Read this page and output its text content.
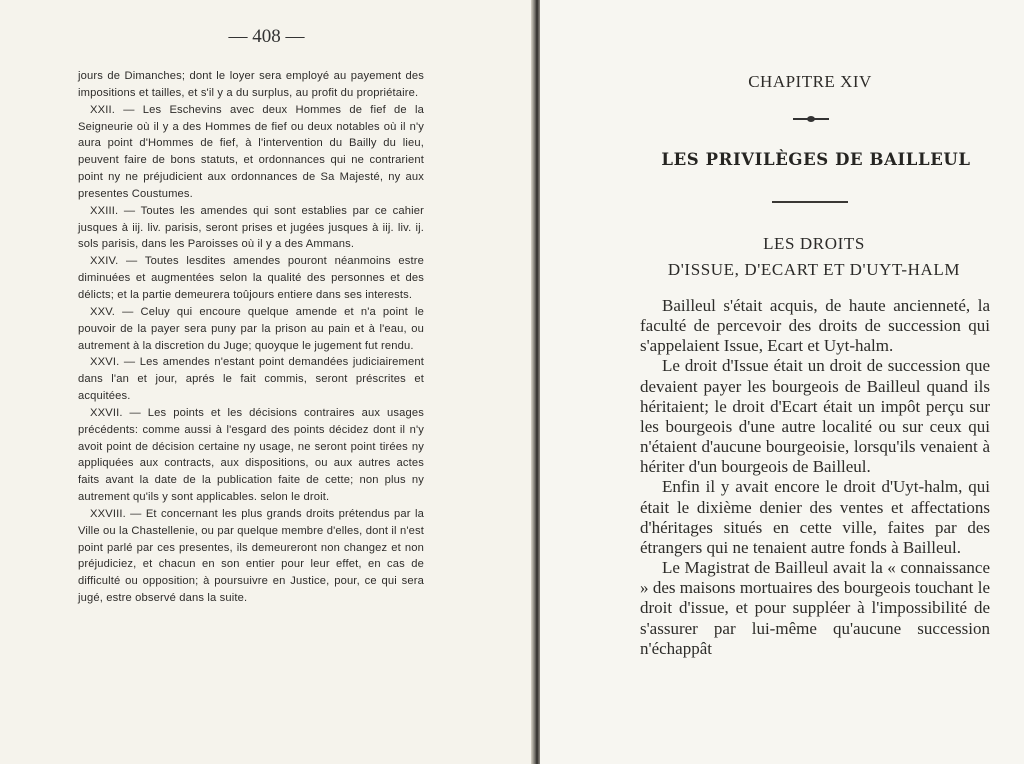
— 408 —

jours de Dimanches; dont le loyer sera employé au payement des impositions et tailles, et s'il y a du surplus, au profit du propriétaire.

XXII. — Les Eschevins avec deux Hommes de fief de la Seigneurie où il y a des Hommes de fief ou deux notables où il n'y aura point d'Hommes de fief, à l'intervention du Bailly du lieu, peuvent faire de bons statuts, et ordonnances qui ne contrarient point ny ne préjudicient aux ordonnances de Sa Majesté, ny aux presentes Coustumes.

XXIII. — Toutes les amendes qui sont establies par ce cahier jusques à iij. liv. parisis, seront prises et jugées jusques à iij. liv. ij. sols parisis, dans les Paroisses où il y a des Ammans.

XXIV. — Toutes lesdites amendes pouront néanmoins estre diminuées et augmentées selon la qualité des personnes et des délicts; et la partie demeurera toûjours entiere dans ses interests.

XXV. — Celuy qui encoure quelque amende et n'a point le pouvoir de la payer sera puny par la prison au pain et à l'eau, ou autrement à la discretion du Juge; quoyque le jugement fut rendu.

XXVI. — Les amendes n'estant point demandées judiciairement dans l'an et jour, aprés le fait commis, seront préscrites et acquitées.

XXVII. — Les points et les décisions contraires aux usages précédents: comme aussi à l'esgard des points décidez dont il n'y avoit point de décision certaine ny usage, ne seront point tirées ny appliquées aux contracts, aux dispositions, ou aux autres actes faits avant la date de la publication faite de cette; non plus ny autrement qu'ils y sont applicables. selon le droit.

XXVIII. — Et concernant les plus grands droits prétendus par la Ville ou la Chastellenie, ou par quelque membre d'elles, dont il n'est point parlé par ces presentes, ils demeureront non changez et non préjudiciez, et chacun en son entier pour leur effet, en cas de difficulté ou opposition; à poursuivre en Justice, pour, ce qui sera jugé, estre observé dans la suite.

CHAPITRE XIV
LES PRIVILÈGES DE BAILLEUL
LES DROITS
D'ISSUE, D'ECART ET D'UYT-HALM

Bailleul s'était acquis, de haute ancienneté, la faculté de percevoir des droits de succession qui s'appelaient Issue, Ecart et Uyt-halm.

Le droit d'Issue était un droit de succession que devaient payer les bourgeois de Bailleul quand ils héritaient; le droit d'Ecart était un impôt perçu sur les bourgeois d'une autre localité ou sur ceux qui n'étaient d'aucune bourgeoisie, lorsqu'ils venaient à hériter d'un bourgeois de Bailleul.

Enfin il y avait encore le droit d'Uyt-halm, qui était le dixième denier des ventes et affectations d'héritages situés en cette ville, faites par des étrangers qui ne tenaient autre fonds à Bailleul.

Le Magistrat de Bailleul avait la « connaissance » des maisons mortuaires des bourgeois touchant le droit d'issue, et pour suppléer à l'impossibilité de s'assurer par lui-même qu'aucune succession n'échappât
